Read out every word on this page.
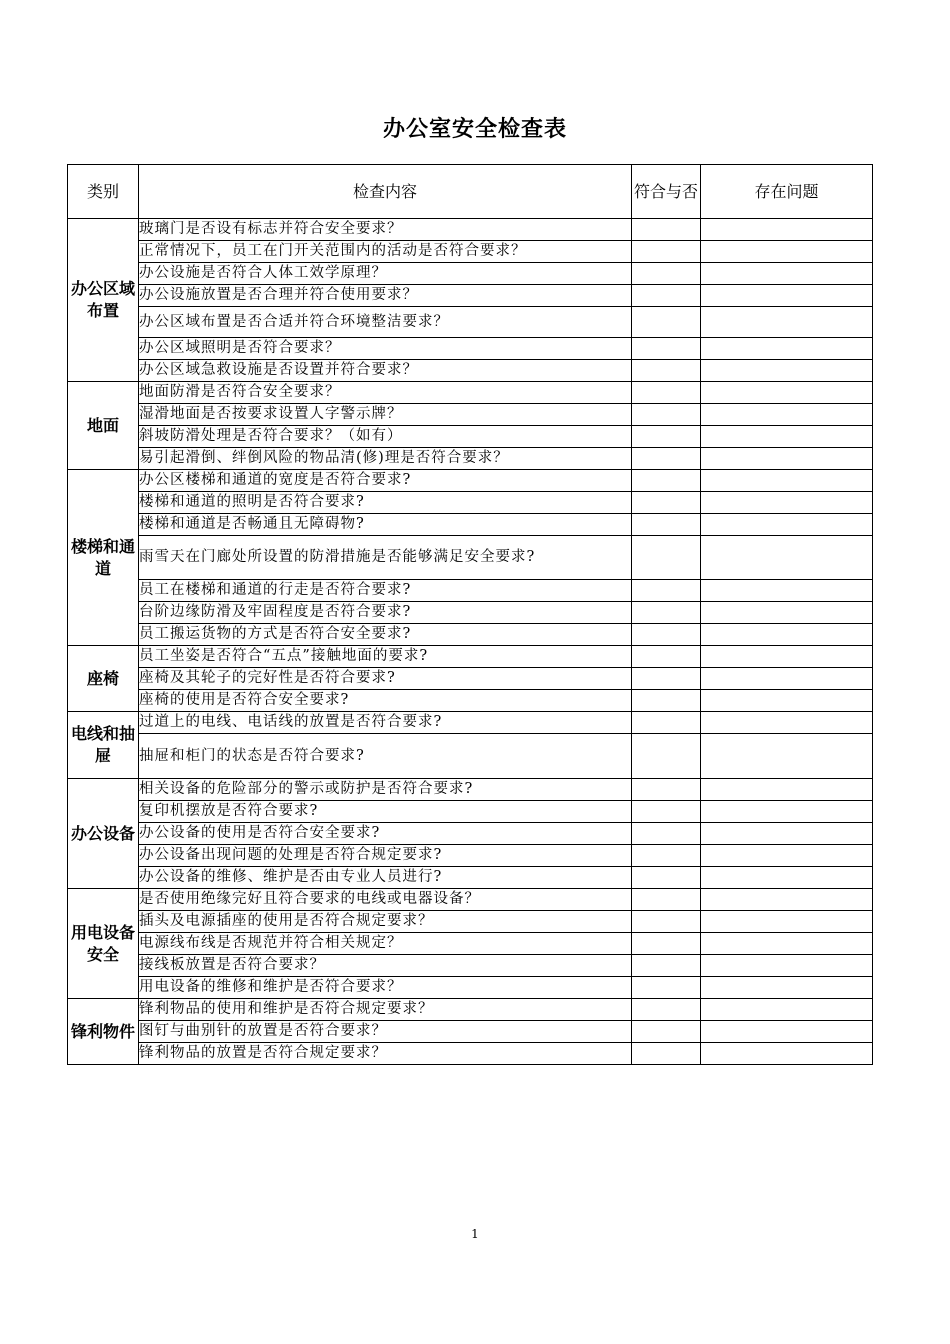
办公室安全检查表
类别	检查内容	符合与否	存在问题
办公区域布置	玻璃门是否设有标志并符合安全要求？		
	正常情况下，员工在门开关范围内的活动是否符合要求？		
	办公设施是否符合人体工效学原理？		
	办公设施放置是否合理并符合使用要求？		
	办公区域布置是否合适并符合环境整洁要求？		
	办公区域照明是否符合要求？		
	办公区域急救设施是否设置并符合要求？		
地面	地面防滑是否符合安全要求？		
	湿滑地面是否按要求设置人字警示牌？		
	斜坡防滑处理是否符合要求？（如有）		
	易引起滑倒、绊倒风险的物品清(修)理是否符合要求？		
楼梯和通道	办公区楼梯和通道的宽度是否符合要求?		
	楼梯和通道的照明是否符合要求?		
	楼梯和通道是否畅通且无障碍物?		
	雨雪天在门廊处所设置的防滑措施是否能够满足安全要求?		
	员工在楼梯和通道的行走是否符合要求?		
	台阶边缘防滑及牢固程度是否符合要求?		
	员工搬运货物的方式是否符合安全要求?		
座椅	员工坐姿是否符合“五点”接触地面的要求?		
	座椅及其轮子的完好性是否符合要求?		
	座椅的使用是否符合安全要求?		
电线和抽屉	过道上的电线、电话线的放置是否符合要求?		
	抽屉和柜门的状态是否符合要求?		
办公设备	相关设备的危险部分的警示或防护是否符合要求?		
	复印机摆放是否符合要求?		
	办公设备的使用是否符合安全要求?		
	办公设备出现问题的处理是否符合规定要求?		
	办公设备的维修、维护是否由专业人员进行?		
用电设备安全	是否使用绝缘完好且符合要求的电线或电器设备？		
	插头及电源插座的使用是否符合规定要求？		
	电源线布线是否规范并符合相关规定？		
	接线板放置是否符合要求？		
	用电设备的维修和维护是否符合要求？		
锋利物件	锋利物品的使用和维护是否符合规定要求？		
	图钉与曲别针的放置是否符合要求？		
	锋利物品的放置是否符合规定要求？		
1
